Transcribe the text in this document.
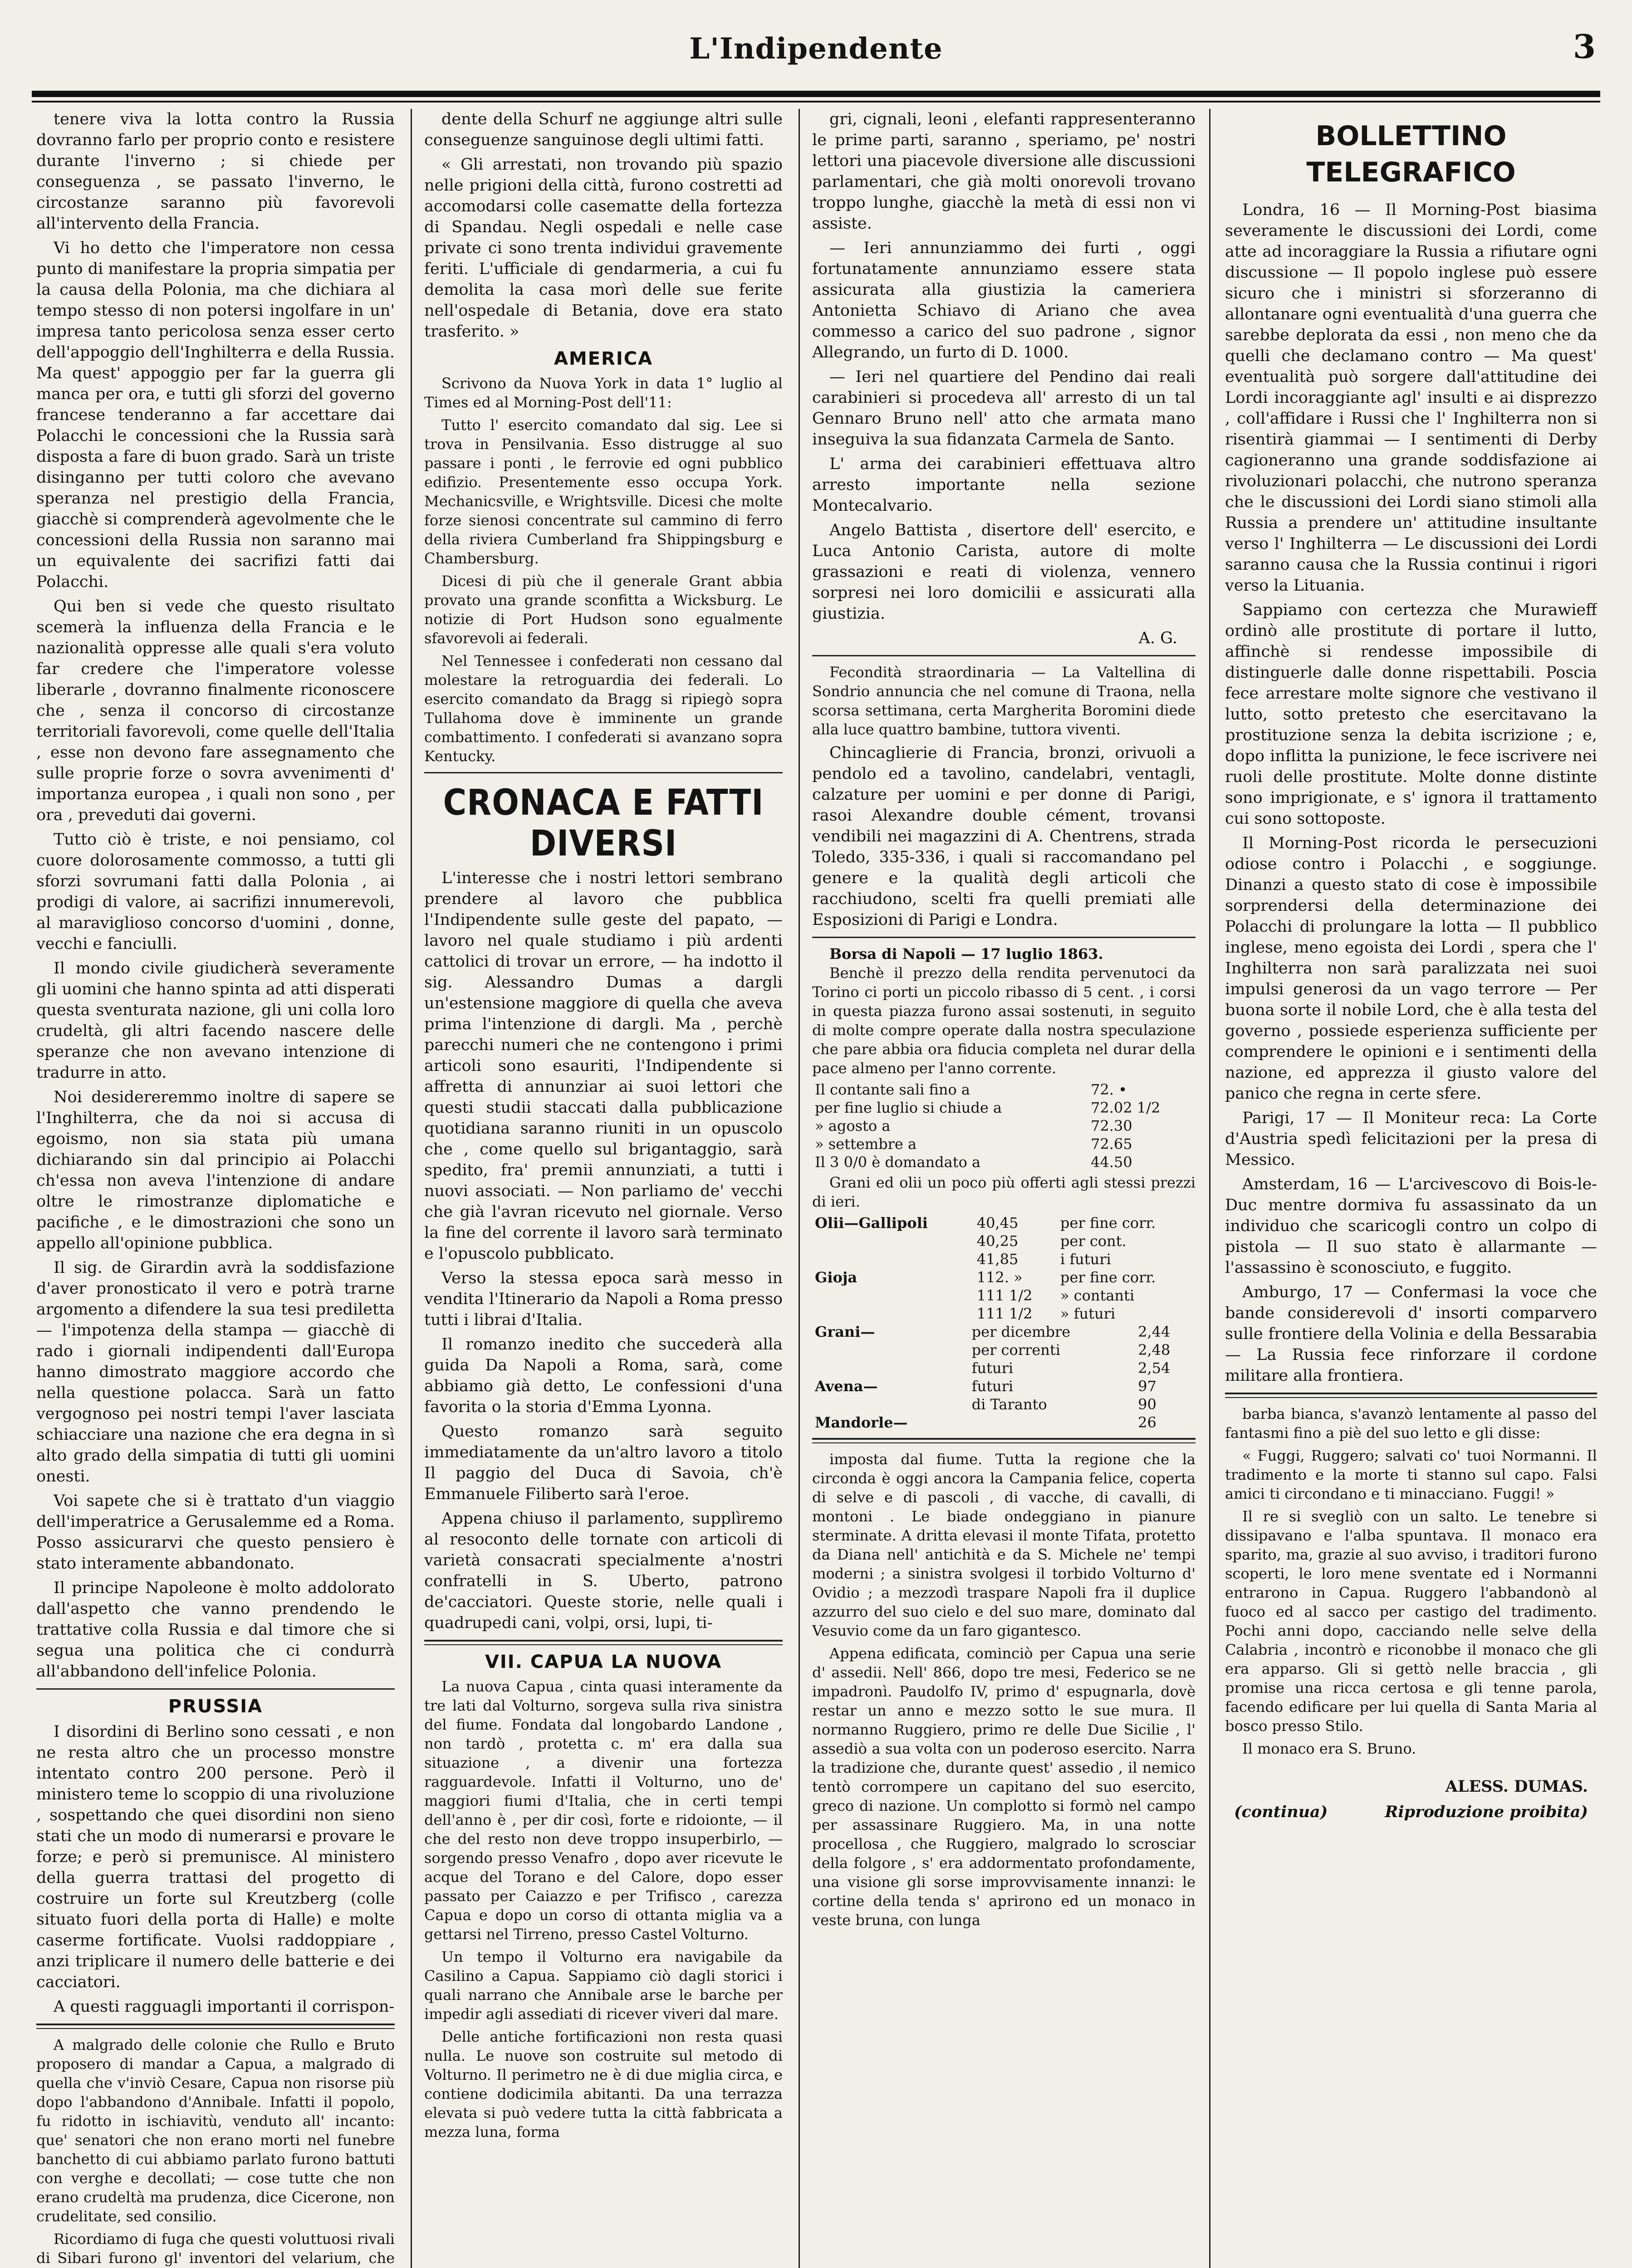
L'Indipendente	3

tenere viva la lotta contro la Russia dovranno farlo per proprio conto e resistere durante l'inverno ; si chiede per conseguenza , se passato l'inverno, le circostanze saranno più favorevoli all'intervento della Francia.

Vi ho detto che l'imperatore non cessa punto di manifestare la propria simpatia per la causa della Polonia, ma che dichiara al tempo stesso di non potersi ingolfare in un' impresa tanto pericolosa senza esser certo dell'appoggio dell'Inghilterra e della Russia. Ma quest' appoggio per far la guerra gli manca per ora, e tutti gli sforzi del governo francese tenderanno a far accettare dai Polacchi le concessioni che la Russia sarà disposta a fare di buon grado. Sarà un triste disinganno per tutti coloro che avevano speranza nel prestigio della Francia, giacchè si comprenderà agevolmente che le concessioni della Russia non saranno mai un equivalente dei sacrifizi fatti dai Polacchi.

Qui ben si vede che questo risultato scemerà la influenza della Francia e le nazionalità oppresse alle quali s'era voluto far credere che l'imperatore volesse liberarle , dovranno finalmente riconoscere che , senza il concorso di circostanze territoriali favorevoli, come quelle dell'Italia , esse non devono fare assegnamento che sulle proprie forze o sovra avvenimenti d' importanza europea , i quali non sono , per ora , preveduti dai governi.

Tutto ciò è triste, e noi pensiamo, col cuore dolorosamente commosso, a tutti gli sforzi sovrumani fatti dalla Polonia , ai prodigi di valore, ai sacrifizi innumerevoli, al maraviglioso concorso d'uomini , donne, vecchi e fanciulli.

Il mondo civile giudicherà severamente gli uomini che hanno spinta ad atti disperati questa sventurata nazione, gli uni colla loro crudeltà, gli altri facendo nascere delle speranze che non avevano intenzione di tradurre in atto.

Noi desidereremmo inoltre di sapere se l'Inghilterra, che da noi si accusa di egoismo, non sia stata più umana dichiarando sin dal principio ai Polacchi ch'essa non aveva l'intenzione di andare oltre le rimostranze diplomatiche e pacifiche , e le dimostrazioni che sono un appello all'opinione pubblica.

Il sig. de Girardin avrà la soddisfazione d'aver pronosticato il vero e potrà trarne argomento a difendere la sua tesi prediletta — l'impotenza della stampa — giacchè di rado i giornali indipendenti dall'Europa hanno dimostrato maggiore accordo che nella questione polacca. Sarà un fatto vergognoso pei nostri tempi l'aver lasciata schiacciare una nazione che era degna in sì alto grado della simpatia di tutti gli uomini onesti.

Voi sapete che si è trattato d'un viaggio dell'imperatrice a Gerusalemme ed a Roma. Posso assicurarvi che questo pensiero è stato interamente abbandonato.

Il principe Napoleone è molto addolorato dall'aspetto che vanno prendendo le trattative colla Russia e dal timore che si segua una politica che ci condurrà all'abbandono dell'infelice Polonia.

PRUSSIA

I disordini di Berlino sono cessati , e non ne resta altro che un processo monstre intentato contro 200 persone. Però il ministero teme lo scoppio di una rivoluzione , sospettando che quei disordini non sieno stati che un modo di numerarsi e provare le forze; e però si premunisce. Al ministero della guerra trattasi del progetto di costruire un forte sul Kreutzberg (colle situato fuori della porta di Halle) e molte caserme fortificate. Vuolsi raddoppiare , anzi triplicare il numero delle batterie e dei cacciatori.

A questi ragguagli importanti il corrispon-

A malgrado delle colonie che Rullo e Bruto proposero di mandar a Capua, a malgrado di quella che v'inviò Cesare, Capua non risorse più dopo l'abbandono d'Annibale. Infatti il popolo, fu ridotto in ischiavitù, venduto all' incanto: que' senatori che non erano morti nel funebre banchetto di cui abbiamo parlato furono battuti con verghe e decollati; — cose tutte che non erano crudeltà ma prudenza, dice Cicerone, non crudelitate, sed consilio.

Ricordiamo di fuga che questi voluttuosi rivali di Sibari furono gl' inventori del velarium, che

dente della Schurf ne aggiunge altri sulle conseguenze sanguinose degli ultimi fatti.

« Gli arrestati, non trovando più spazio nelle prigioni della città, furono costretti ad accomodarsi colle casematte della fortezza di Spandau. Negli ospedali e nelle case private ci sono trenta individui gravemente feriti. L'ufficiale di gendarmeria, a cui fu demolita la casa morì delle sue ferite nell'ospedale di Betania, dove era stato trasferito. »

AMERICA

Scrivono da Nuova York in data 1° luglio al Times ed al Morning-Post dell'11:

Tutto l' esercito comandato dal sig. Lee si trova in Pensilvania. Esso distrugge al suo passare i ponti , le ferrovie ed ogni pubblico edifizio. Presentemente esso occupa York. Mechanicsville, e Wrightsville. Dicesi che molte forze sienosi concentrate sul cammino di ferro della riviera Cumberland fra Shippingsburg e Chambersburg.

Dicesi di più che il generale Grant abbia provato una grande sconfitta a Wicksburg. Le notizie di Port Hudson sono egualmente sfavorevoli ai federali.

Nel Tennessee i confederati non cessano dal molestare la retroguardia dei federali. Lo esercito comandato da Bragg si ripiegò sopra Tullahoma dove è imminente un grande combattimento. I confederati si avanzano sopra Kentucky.

CRONACA E FATTI DIVERSI

L'interesse che i nostri lettori sembrano prendere al lavoro che pubblica l'Indipendente sulle geste del papato, — lavoro nel quale studiamo i più ardenti cattolici di trovar un errore, — ha indotto il sig. Alessandro Dumas a dargli un'estensione maggiore di quella che aveva prima l'intenzione di dargli. Ma , perchè parecchi numeri che ne contengono i primi articoli sono esauriti, l'Indipendente si affretta di annunziar ai suoi lettori che questi studii staccati dalla pubblicazione quotidiana saranno riuniti in un opuscolo che , come quello sul brigantaggio, sarà spedito, fra' premii annunziati, a tutti i nuovi associati. — Non parliamo de' vecchi che già l'avran ricevuto nel giornale. Verso la fine del corrente il lavoro sarà terminato e l'opuscolo pubblicato.

Verso la stessa epoca sarà messo in vendita l'Itinerario da Napoli a Roma presso tutti i librai d'Italia.

Il romanzo inedito che succederà alla guida Da Napoli a Roma, sarà, come abbiamo già detto, Le confessioni d'una favorita o la storia d'Emma Lyonna.

Questo romanzo sarà seguito immediatamente da un'altro lavoro a titolo Il paggio del Duca di Savoia, ch'è Emmanuele Filiberto sarà l'eroe.

Appena chiuso il parlamento, supplìremo al resoconto delle tornate con articoli di varietà consacrati specialmente a'nostri confratelli in S. Uberto, patrono de'cacciatori. Queste storie, nelle quali i quadrupedi cani, volpi, orsi, lupi, ti-

VII. CAPUA LA NUOVA

La nuova Capua , cinta quasi interamente da tre lati dal Volturno, sorgeva sulla riva sinistra del fiume. Fondata dal longobardo Landone , non tardò , protetta c. m' era dalla sua situazione , a divenir una fortezza ragguardevole. Infatti il Volturno, uno de' maggiori fiumi d'Italia, che in certi tempi dell'anno è , per dir così, forte e ridoionte, — il che del resto non deve troppo insuperbirlo, — sorgendo presso Venafro , dopo aver ricevute le acque del Torano e del Calore, dopo esser passato per Caiazzo e per Trifisco , carezza Capua e dopo un corso di ottanta miglia va a gettarsi nel Tirreno, presso Castel Volturno.

Un tempo il Volturno era navigabile da Casilino a Capua. Sappiamo ciò dagli storici i quali narrano che Annibale arse le barche per impedir agli assediati di ricever viveri dal mare.

Delle antiche fortificazioni non resta quasi nulla. Le nuove son costruite sul metodo di Volturno. Il perimetro ne è di due miglia circa, e contiene dodicimila abitanti. Da una terrazza elevata si può vedere tutta la città fabbricata a mezza luna, forma

gri, cignali, leoni , elefanti rappresenteranno le prime parti, saranno , speriamo, pe' nostri lettori una piacevole diversione alle discussioni parlamentari, che già molti onorevoli trovano troppo lunghe, giacchè la metà di essi non vi assiste.

— Ieri annunziammo dei furti , oggi fortunatamente annunziamo essere stata assicurata alla giustizia la cameriera Antonietta Schiavo di Ariano che avea commesso a carico del suo padrone , signor Allegrando, un furto di D. 1000.

— Ieri nel quartiere del Pendino dai reali carabinieri si procedeva all' arresto di un tal Gennaro Bruno nell' atto che armata mano inseguiva la sua fidanzata Carmela de Santo.

L' arma dei carabinieri effettuava altro arresto importante nella sezione Montecalvario.

Angelo Battista , disertore dell' esercito, e Luca Antonio Carista, autore di molte grassazioni e reati di violenza, vennero sorpresi nei loro domicilii e assicurati alla giustizia.

A. G.

Fecondità straordinaria — La Valtellina di Sondrio annuncia che nel comune di Traona, nella scorsa settimana, certa Margherita Boromini diede alla luce quattro bambine, tuttora viventi.

Chincaglierie di Francia, bronzi, orivuoli a pendolo ed a tavolino, candelabri, ventagli, calzature per uomini e per donne di Parigi, rasoi Alexandre double cément, trovansi vendibili nei magazzini di A. Chentrens, strada Toledo, 335-336, i quali si raccomandano pel genere e la qualità degli articoli che racchiudono, scelti fra quelli premiati alle Esposizioni di Parigi e Londra.

Borsa di Napoli — 17 luglio 1863.

Benchè il prezzo della rendita pervenutoci da Torino ci porti un piccolo ribasso di 5 cent. , i corsi in questa piazza furono assai sostenuti, in seguito di molte compre operate dalla nostra speculazione che pare abbia ora fiducia completa nel durar della pace almeno per l'anno corrente.

Il contante sali fino a	72. •
per fine luglio si chiude a	72.02 1/2
» agosto a	72.30
» settembre a	72.65
Il 3 0/0 è domandato a	44.50

Grani ed olii un poco più offerti agli stessi prezzi di ieri.

Olii—Gallipoli	40,45	per fine corr.
	40,25	per cont.
	41,85	i futuri
Gioja	112. »	per fine corr.
	111 1/2	» contanti
	111 1/2	» futuri
Grani—	per dicembre	2,44
	per correnti	2,48
	futuri	2,54
Avena—	futuri	97
	di Taranto	90
Mandorle—		26

imposta dal fiume. Tutta la regione che la circonda è oggi ancora la Campania felice, coperta di selve e di pascoli , di vacche, di cavalli, di montoni . Le biade ondeggiano in pianure sterminate. A dritta elevasi il monte Tifata, protetto da Diana nell' antichità e da S. Michele ne' tempi moderni ; a sinistra svolgesi il torbido Volturno d' Ovidio ; a mezzodì traspare Napoli fra il duplice azzurro del suo cielo e del suo mare, dominato dal Vesuvio come da un faro gigantesco.

Appena edificata, cominciò per Capua una serie d' assedii. Nell' 866, dopo tre mesi, Federico se ne impadronì. Paudolfo IV, primo d' espugnarla, dovè restar un anno e mezzo sotto le sue mura. Il normanno Ruggiero, primo re delle Due Sicilie , l' assediò a sua volta con un poderoso esercito. Narra la tradizione che, durante quest' assedio , il nemico tentò corrompere un capitano del suo esercito, greco di nazione. Un complotto si formò nel campo per assassinare Ruggiero. Ma, in una notte procellosa , che Ruggiero, malgrado lo scrosciar della folgore , s' era addormentato profondamente, una visione gli sorse improvvisamente innanzi: le cortine della tenda s' aprirono ed un monaco in veste bruna, con lunga

BOLLETTINO TELEGRAFICO

Londra, 16 — Il Morning-Post biasima severamente le discussioni dei Lordi, come atte ad incoraggiare la Russia a rifiutare ogni discussione — Il popolo inglese può essere sicuro che i ministri si sforzeranno di allontanare ogni eventualità d'una guerra che sarebbe deplorata da essi , non meno che da quelli che declamano contro — Ma quest' eventualità può sorgere dall'attitudine dei Lordi incoraggiante agl' insulti e ai disprezzo , coll'affidare i Russi che l' Inghilterra non si risentirà giammai — I sentimenti di Derby cagioneranno una grande soddisfazione ai rivoluzionari polacchi, che nutrono speranza che le discussioni dei Lordi siano stimoli alla Russia a prendere un' attitudine insultante verso l' Inghilterra — Le discussioni dei Lordi saranno causa che la Russia continui i rigori verso la Lituania.

Sappiamo con certezza che Murawieff ordinò alle prostitute di portare il lutto, affinchè si rendesse impossibile di distinguerle dalle donne rispettabili. Poscia fece arrestare molte signore che vestivano il lutto, sotto pretesto che esercitavano la prostituzione senza la debita iscrizione ; e, dopo inflitta la punizione, le fece iscrivere nei ruoli delle prostitute. Molte donne distinte sono imprigionate, e s' ignora il trattamento cui sono sottoposte.

Il Morning-Post ricorda le persecuzioni odiose contro i Polacchi , e soggiunge. Dinanzi a questo stato di cose è impossibile sorprendersi della determinazione dei Polacchi di prolungare la lotta — Il pubblico inglese, meno egoista dei Lordi , spera che l' Inghilterra non sarà paralizzata nei suoi impulsi generosi da un vago terrore — Per buona sorte il nobile Lord, che è alla testa del governo , possiede esperienza sufficiente per comprendere le opinioni e i sentimenti della nazione, ed apprezza il giusto valore del panico che regna in certe sfere.

Parigi, 17 — Il Moniteur reca: La Corte d'Austria spedì felicitazioni per la presa di Messico.

Amsterdam, 16 — L'arcivescovo di Bois-le-Duc mentre dormiva fu assassinato da un individuo che scaricogli contro un colpo di pistola — Il suo stato è allarmante — l'assassino è sconosciuto, e fuggito.

Amburgo, 17 — Confermasi la voce che bande considerevoli d' insorti comparvero sulle frontiere della Volinia e della Bessarabia — La Russia fece rinforzare il cordone militare alla frontiera.

barba bianca, s'avanzò lentamente al passo del fantasmi fino a piè del suo letto e gli disse:

« Fuggi, Ruggero; salvati co' tuoi Normanni. Il tradimento e la morte ti stanno sul capo. Falsi amici ti circondano e ti minacciano. Fuggi! »

Il re si svegliò con un salto. Le tenebre si dissipavano e l'alba spuntava. Il monaco era sparito, ma, grazie al suo avviso, i traditori furono scoperti, le loro mene sventate ed i Normanni entrarono in Capua. Ruggero l'abbandonò al fuoco ed al sacco per castigo del tradimento. Pochi anni dopo, cacciando nelle selve della Calabria , incontrò e riconobbe il monaco che gli era apparso. Gli si gettò nelle braccia , gli promise una ricca certosa e gli tenne parola, facendo edificare per lui quella di Santa Maria al bosco presso Stilo.

Il monaco era S. Bruno.

ALESS. DUMAS.
(continua)	Riproduzione proibita)
